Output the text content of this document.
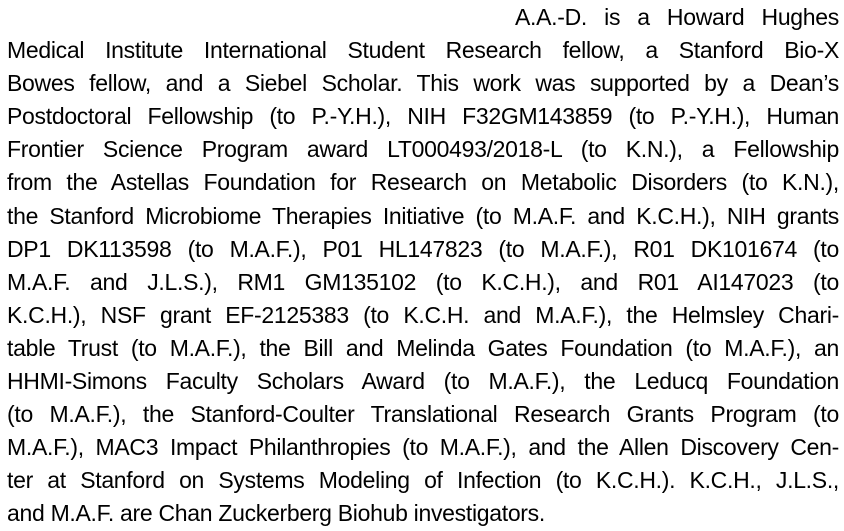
A.A.-D. is a Howard Hughes
Medical Institute International Student Research fellow, a Stanford Bio-X
Bowes fellow, and a Siebel Scholar. This work was supported by a Dean’s
Postdoctoral Fellowship (to P.-Y.H.), NIH F32GM143859 (to P.-Y.H.), Human
Frontier Science Program award LT000493/2018-L (to K.N.), a Fellowship
from the Astellas Foundation for Research on Metabolic Disorders (to K.N.),
the Stanford Microbiome Therapies Initiative (to M.A.F. and K.C.H.), NIH grants
DP1 DK113598 (to M.A.F.), P01 HL147823 (to M.A.F.), R01 DK101674 (to
M.A.F. and J.L.S.), RM1 GM135102 (to K.C.H.), and R01 AI147023 (to
K.C.H.), NSF grant EF-2125383 (to K.C.H. and M.A.F.), the Helmsley Chari-
table Trust (to M.A.F.), the Bill and Melinda Gates Foundation (to M.A.F.), an
HHMI-Simons Faculty Scholars Award (to M.A.F.), the Leducq Foundation
(to M.A.F.), the Stanford-Coulter Translational Research Grants Program (to
M.A.F.), MAC3 Impact Philanthropies (to M.A.F.), and the Allen Discovery Cen-
ter at Stanford on Systems Modeling of Infection (to K.C.H.). K.C.H., J.L.S.,
and M.A.F. are Chan Zuckerberg Biohub investigators.
